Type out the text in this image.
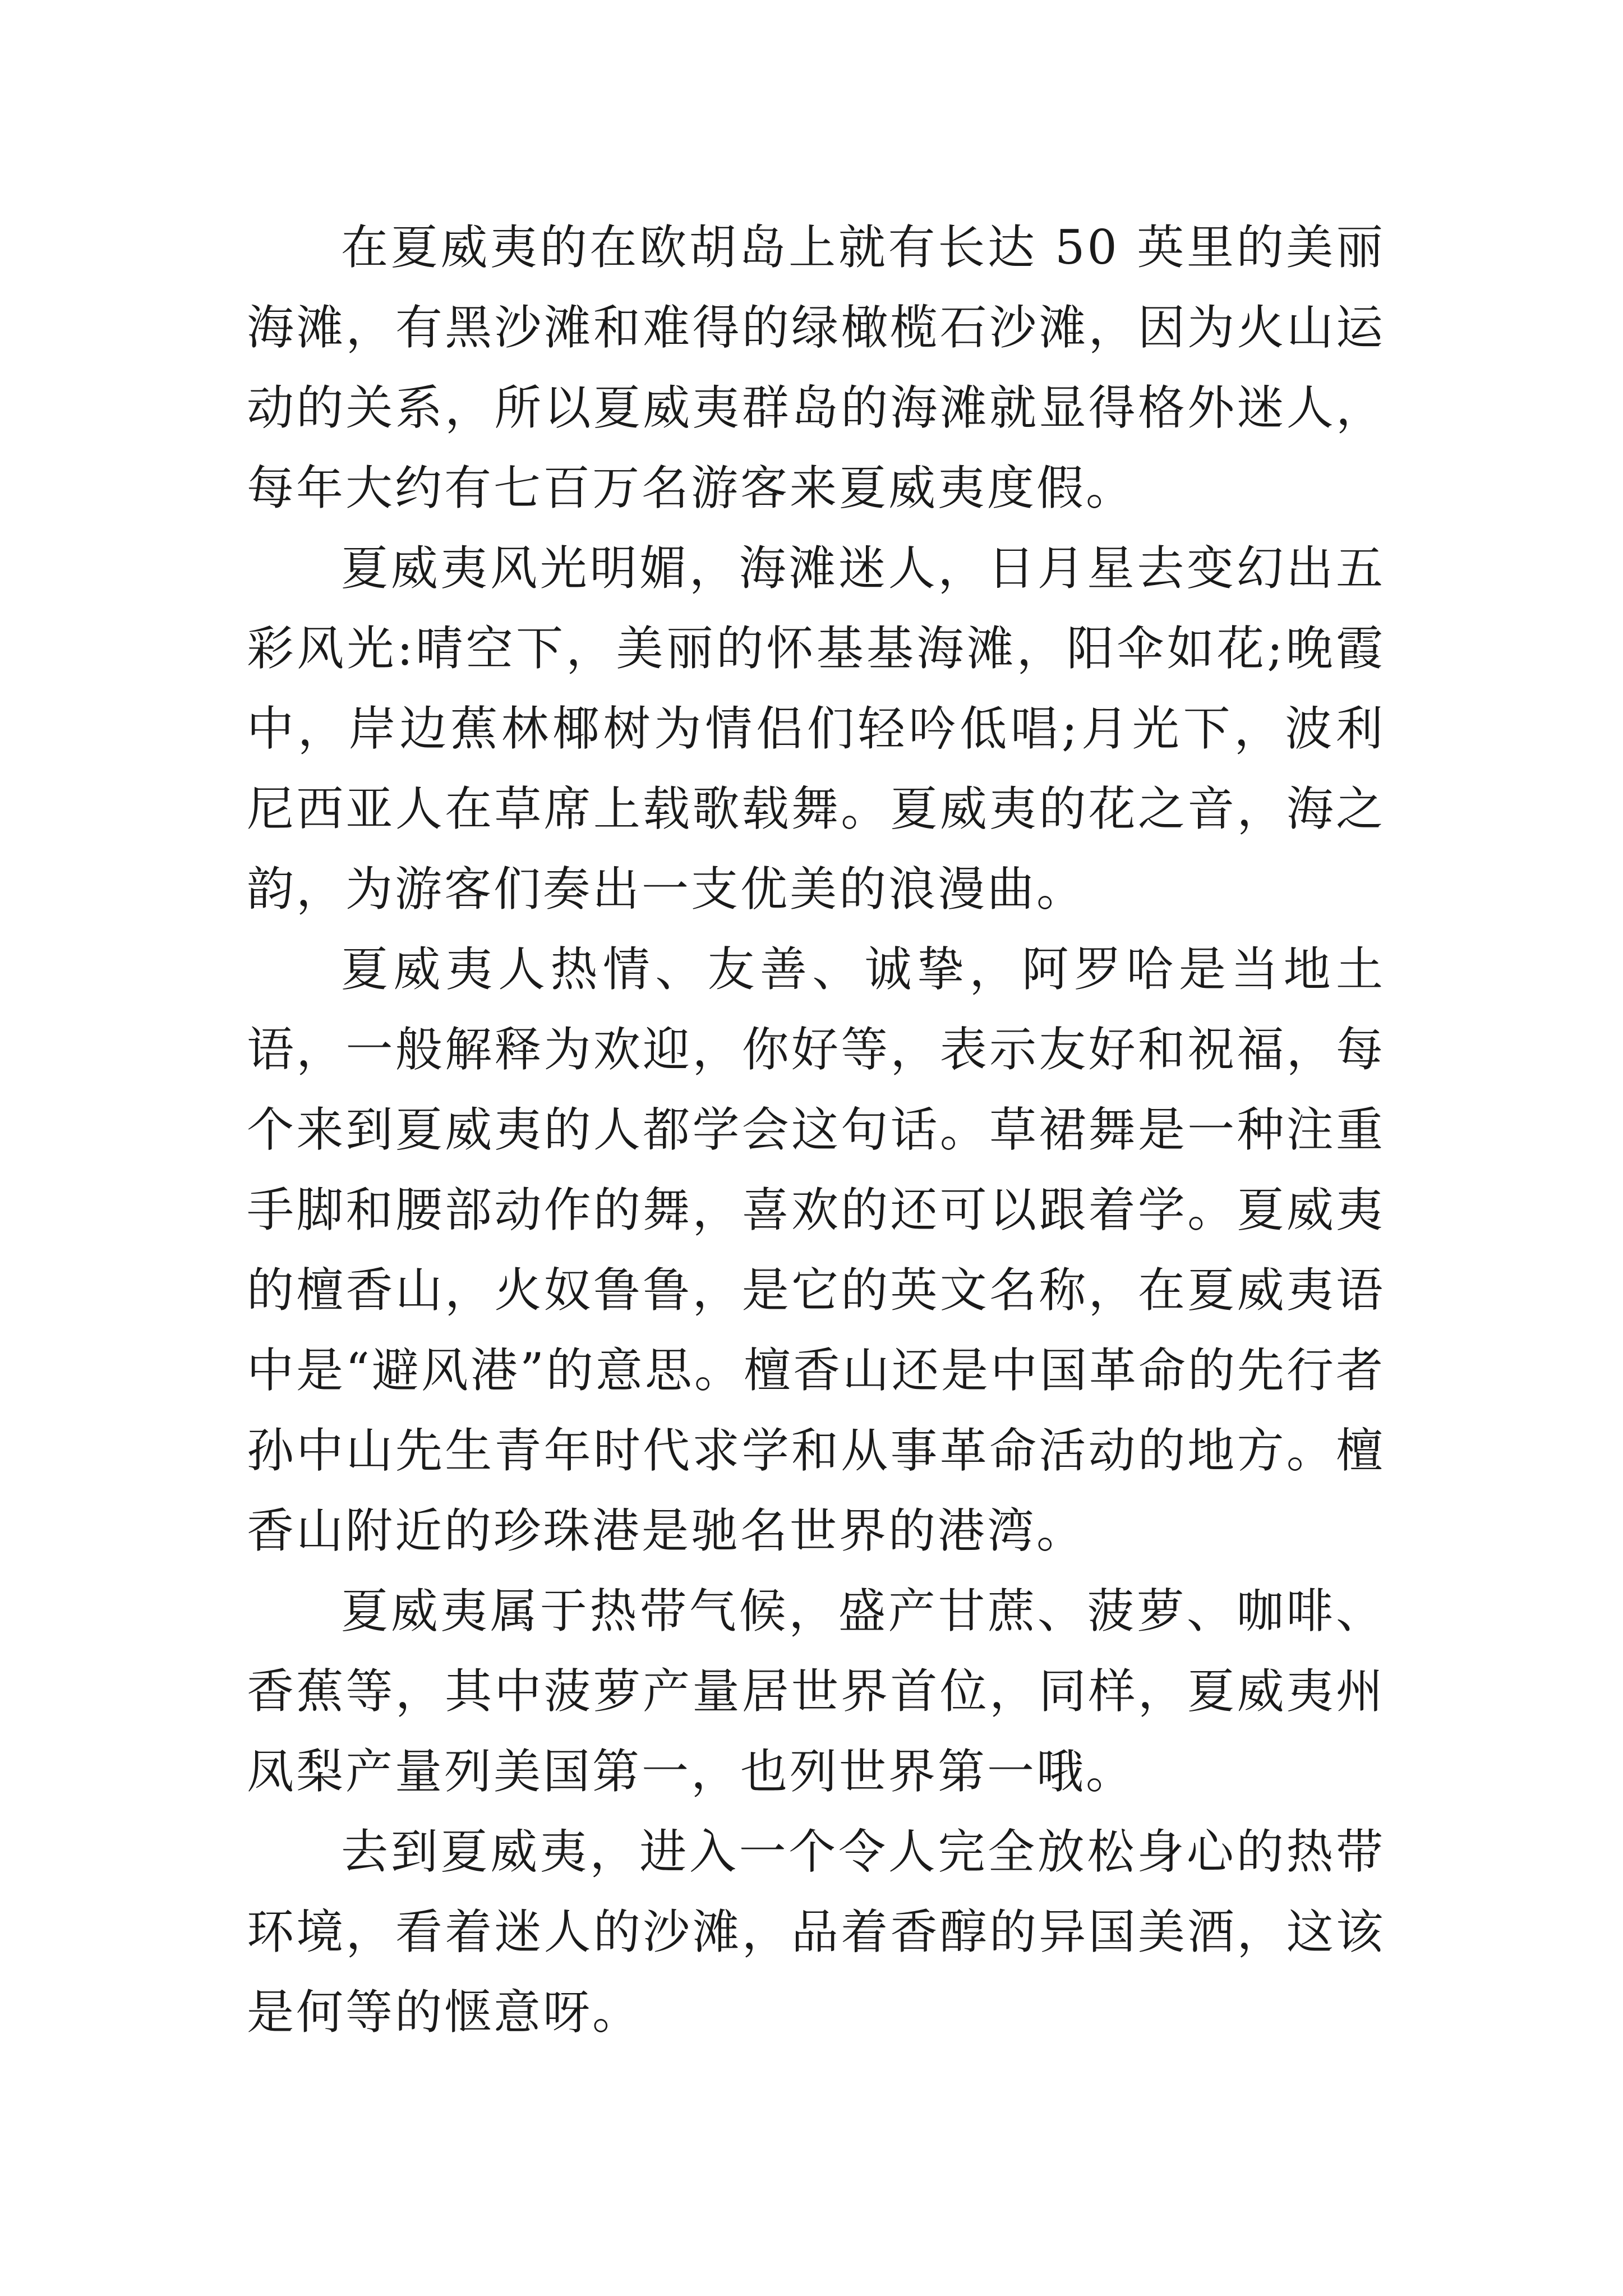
在夏威夷的在欧胡岛上就有长达 50 英里的美丽海滩，有黑沙滩和难得的绿橄榄石沙滩，因为火山运动的关系，所以夏威夷群岛的海滩就显得格外迷人，每年大约有七百万名游客来夏威夷度假。

夏威夷风光明媚，海滩迷人，日月星去变幻出五彩风光:晴空下，美丽的怀基基海滩，阳伞如花;晚霞中，岸边蕉林椰树为情侣们轻吟低唱;月光下，波利尼西亚人在草席上载歌载舞。夏威夷的花之音，海之韵，为游客们奏出一支优美的浪漫曲。

夏威夷人热情、友善、诚挚，阿罗哈是当地土语，一般解释为欢迎，你好等，表示友好和祝福，每个来到夏威夷的人都学会这句话。草裙舞是一种注重手脚和腰部动作的舞，喜欢的还可以跟着学。夏威夷的檀香山，火奴鲁鲁，是它的英文名称，在夏威夷语中是“避风港”的意思。檀香山还是中国革命的先行者孙中山先生青年时代求学和从事革命活动的地方。檀香山附近的珍珠港是驰名世界的港湾。

夏威夷属于热带气候，盛产甘蔗、菠萝、咖啡、香蕉等，其中菠萝产量居世界首位，同样，夏威夷州凤梨产量列美国第一，也列世界第一哦。

去到夏威夷，进入一个令人完全放松身心的热带环境，看着迷人的沙滩，品着香醇的异国美酒，这该是何等的惬意呀。
